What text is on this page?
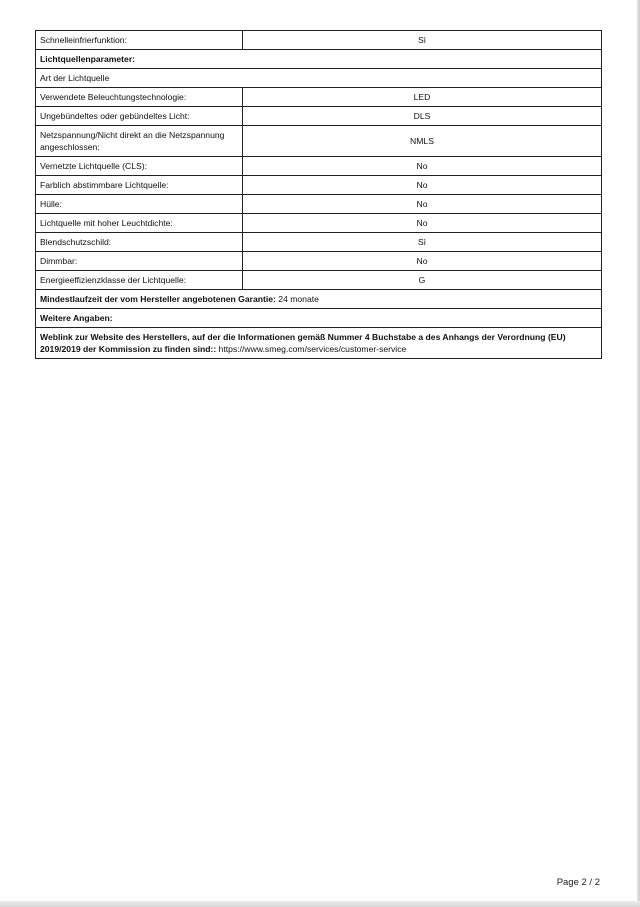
Schnelleinfrierfunktion:	Sì
Lichtquellenparameter:	
Art der Lichtquelle	
Verwendete Beleuchtungstechnologie:	LED
Ungebündeltes oder gebündeltes Licht:	DLS
Netzspannung/Nicht direkt an die Netzspannung angeschlossen:	NMLS
Vernetzte Lichtquelle (CLS):	No
Farblich abstimmbare Lichtquelle:	No
Hülle:	No
Lichtquelle mit hoher Leuchtdichte:	No
Blendschutzschild:	Sì
Dimmbar:	No
Energieeffizienzklasse der Lichtquelle:	G
Mindestlaufzeit der vom Hersteller angebotenen Garantie: 24 monate	
Weitere Angaben:	
Weblink zur Website des Herstellers, auf der die Informationen gemäß Nummer 4 Buchstabe a des Anhangs der Verordnung (EU) 2019/2019 der Kommission zu finden sind:: https://www.smeg.com/services/customer-service	
Page 2 / 2
